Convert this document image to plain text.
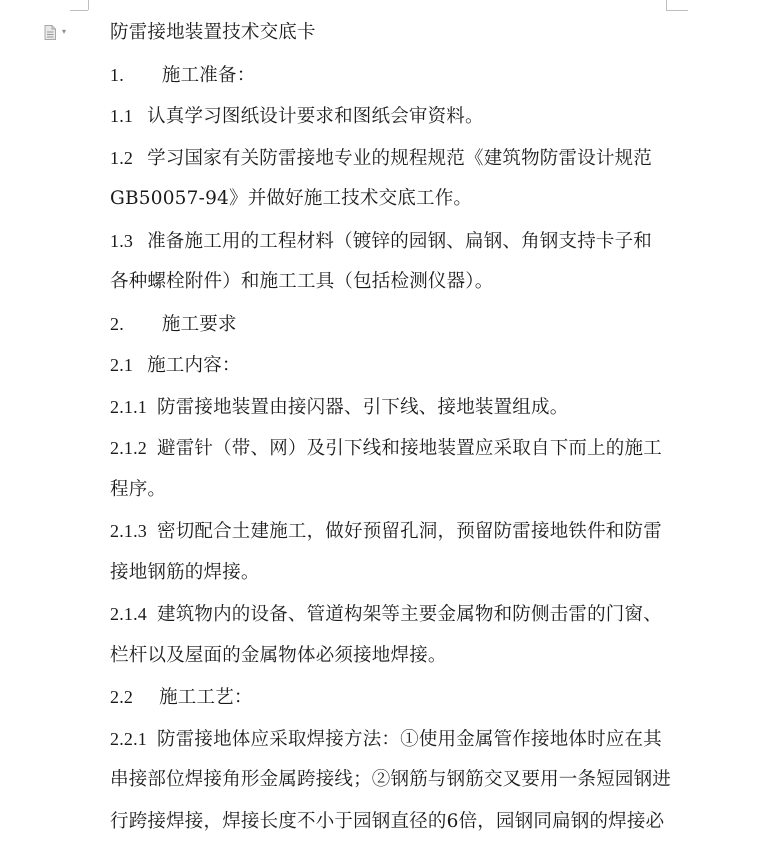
▾ 防雷接地装置技术交底卡
1. 施工准备：
1.1 认真学习图纸设计要求和图纸会审资料。
1.2 学习国家有关防雷接地专业的规程规范《建筑物防雷设计规范
GB50057-94》并做好施工技术交底工作。
1.3 准备施工用的工程材料（镀锌的园钢、扁钢、角钢支持卡子和
各种螺栓附件）和施工工具（包括检测仪器）。
2. 施工要求
2.1 施工内容：
2.1.1 防雷接地装置由接闪器、引下线、接地装置组成。
2.1.2 避雷针（带、网）及引下线和接地装置应采取自下而上的施工
程序。
2.1.3 密切配合土建施工，做好预留孔洞，预留防雷接地铁件和防雷
接地钢筋的焊接。
2.1.4 建筑物内的设备、管道构架等主要金属物和防侧击雷的门窗、
栏杆以及屋面的金属物体必须接地焊接。
2.2 施工工艺：
2.2.1 防雷接地体应采取焊接方法：①使用金属管作接地体时应在其
串接部位焊接角形金属跨接线；②钢筋与钢筋交叉要用一条短园钢进
行跨接焊接，焊接长度不小于园钢直径的6倍，园钢同扁钢的焊接必
